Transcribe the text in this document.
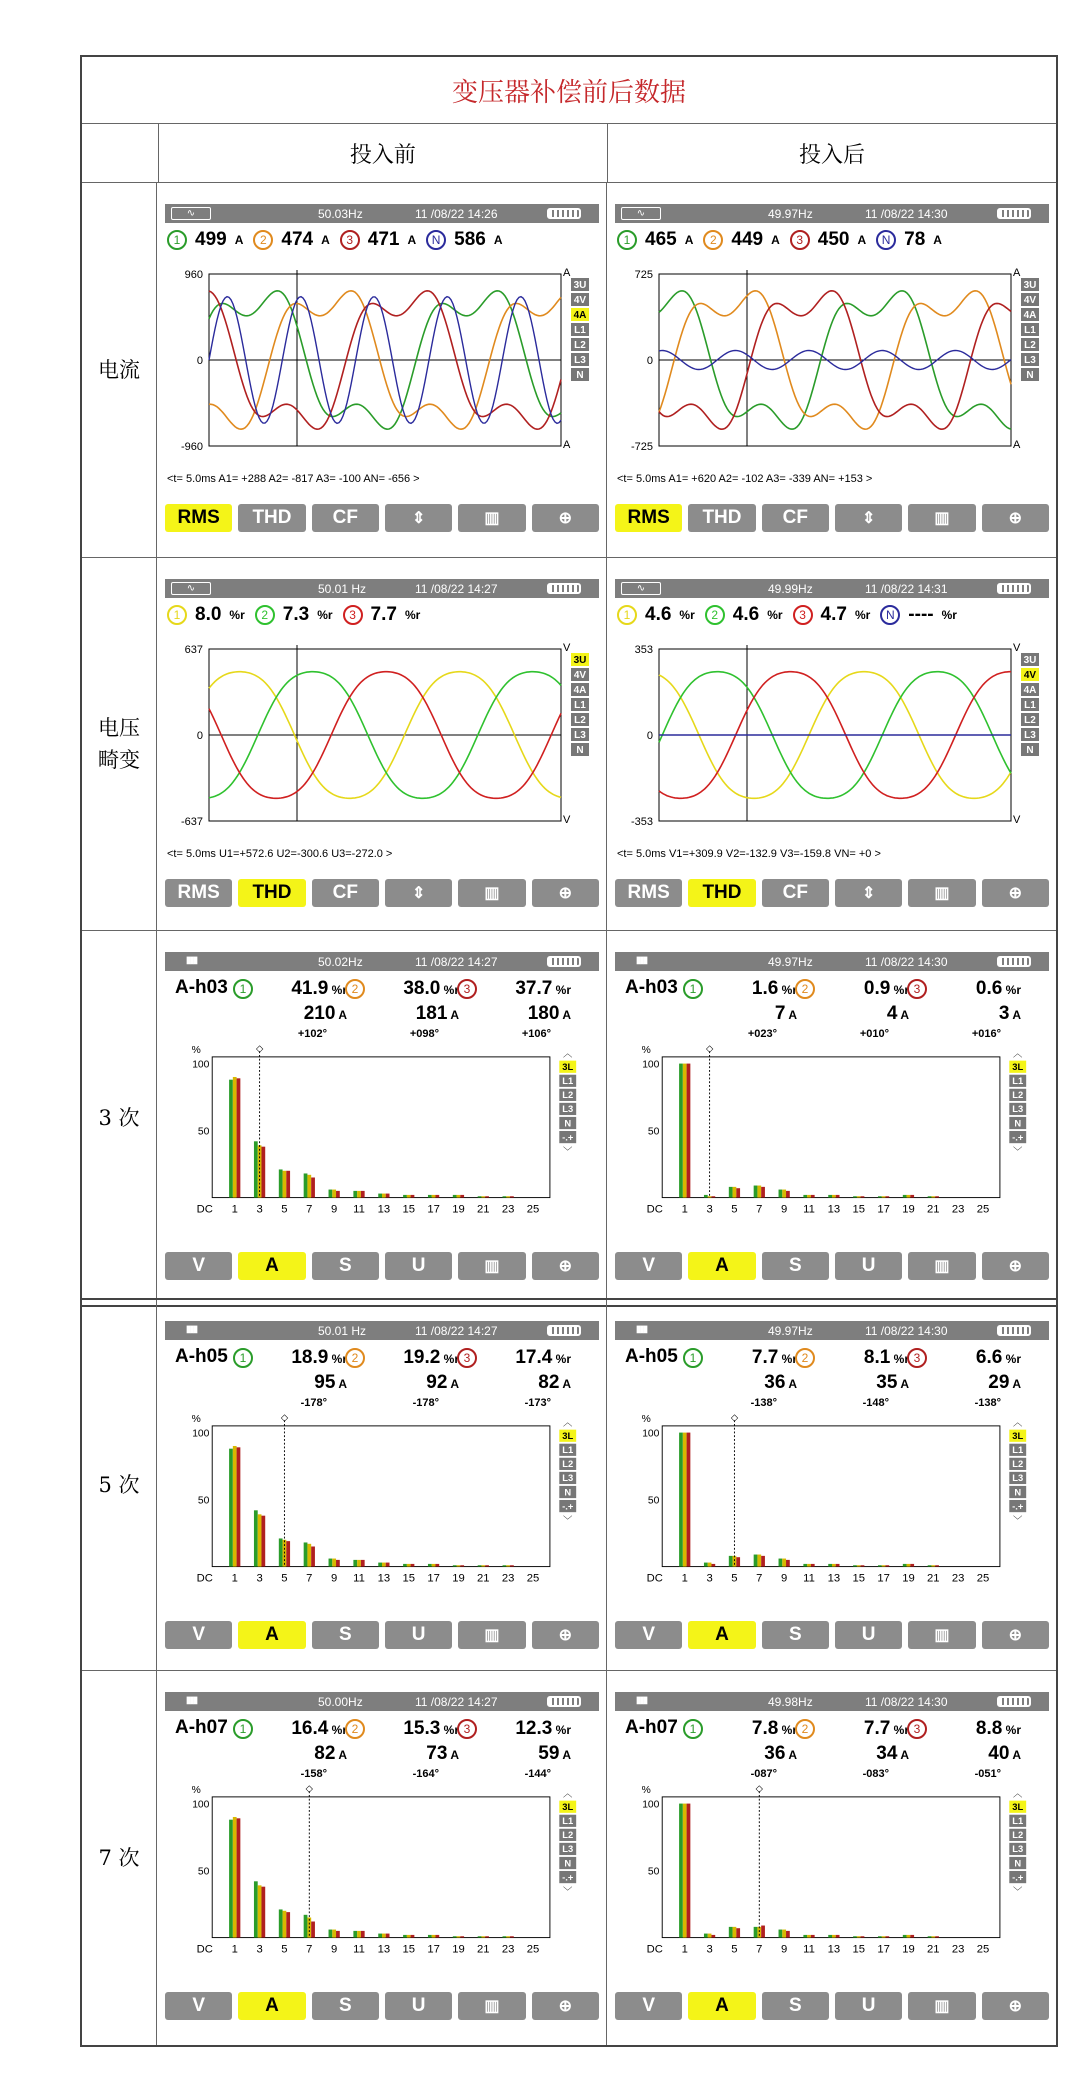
变压器补偿前后数据
投入前	投入后
电流
∿	50.03Hz	11 /08/22 14:26
1 499 A	2 474 A	3 471 A	N 586 A
960
0
-960
A
A
<t= 5.0ms A1= +288 A2= -817 A3= -100 AN= -656 >
3U
4V
4A
L1
L2
L3
N
RMS	THD	CF	⇕	▥	⊕
∿	49.97Hz	11 /08/22 14:30
1 465 A	2 449 A	3 450 A	N 78 A
725
0
-725
A
A
<t= 5.0ms A1= +620 A2= -102 A3= -339 AN= +153 >
3U
4V
4A
L1
L2
L3
N
RMS	THD	CF	⇕	▥	⊕
电压畸变
∿	50.01 Hz	11 /08/22 14:27
1 8.0 %r	2 7.3 %r	3 7.7 %r
637
0
-637
V
V
<t= 5.0ms U1=+572.6 U2=-300.6 U3=-272.0 >
3U
4V
4A
L1
L2
L3
N
RMS	THD	CF	⇕	▥	⊕
∿	49.99Hz	11 /08/22 14:31
1 4.6 %r	2 4.6 %r	3 4.7 %r	N ---- %r
353
0
-353
V
V
<t= 5.0ms V1=+309.9 V2=-132.9 V3=-159.8 VN= +0 >
3U
4V
4A
L1
L2
L3
N
RMS	THD	CF	⇕	▥	⊕
3 次
▮▮▮	50.02Hz	11 /08/22 14:27
A-h03 1	41.9 %r
210 A
+102°
2	38.0 %r
181 A
+098°
3	37.7 %r
180 A
+106°
%
100
50
DC 1 3 5 7 9 11 13 15 17 19 21 23 25
◇
3L
L1
L2
L3
N
-.+
︿
﹀
V	A	S	U	▥	⊕
▮▮▮	49.97Hz	11 /08/22 14:30
A-h03 1	1.6 %r
7 A
+023°
2	0.9 %r
4 A
+010°
3	0.6 %r
3 A
+016°
%
100
50
DC 1 3 5 7 9 11 13 15 17 19 21 23 25
◇
3L
L1
L2
L3
N
-.+
︿
﹀
V	A	S	U	▥	⊕
5 次
▮▮▮	50.01 Hz	11 /08/22 14:27
A-h05 1	18.9 %r
95 A
-178°
2	19.2 %r
92 A
-178°
3	17.4 %r
82 A
-173°
%
100
50
DC 1 3 5 7 9 11 13 15 17 19 21 23 25
◇
3L
L1
L2
L3
N
-.+
︿
﹀
V	A	S	U	▥	⊕
▮▮▮	49.97Hz	11 /08/22 14:30
A-h05 1	7.7 %r
36 A
-138°
2	8.1 %r
35 A
-148°
3	6.6 %r
29 A
-138°
%
100
50
DC 1 3 5 7 9 11 13 15 17 19 21 23 25
◇
3L
L1
L2
L3
N
-.+
︿
﹀
V	A	S	U	▥	⊕
7 次
▮▮▮	50.00Hz	11 /08/22 14:27
A-h07 1	16.4 %r
82 A
-158°
2	15.3 %r
73 A
-164°
3	12.3 %r
59 A
-144°
%
100
50
DC 1 3 5 7 9 11 13 15 17 19 21 23 25
◇
3L
L1
L2
L3
N
-.+
︿
﹀
V	A	S	U	▥	⊕
▮▮▮	49.98Hz	11 /08/22 14:30
A-h07 1	7.8 %r
36 A
-087°
2	7.7 %r
34 A
-083°
3	8.8 %r
40 A
-051°
%
100
50
DC 1 3 5 7 9 11 13 15 17 19 21 23 25
◇
3L
L1
L2
L3
N
-.+
︿
﹀
V	A	S	U	▥	⊕
